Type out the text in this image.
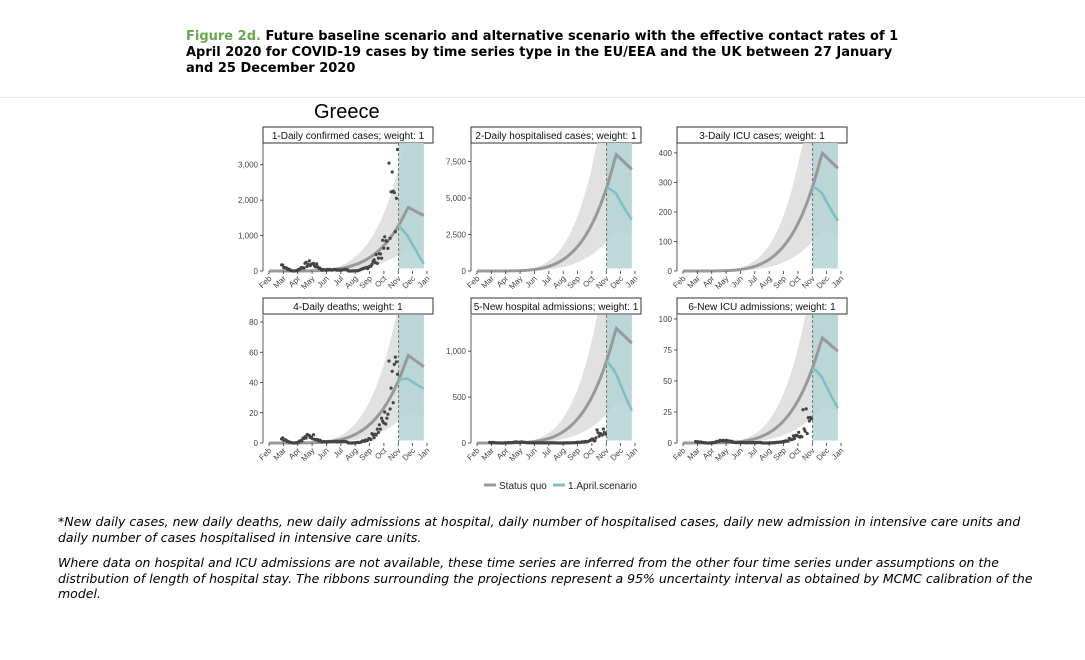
Figure 2d. Future baseline scenario and alternative scenario with the effective contact rates of 1 April 2020 for COVID-19 cases by time series type in the EU/EEA and the UK between 27 January and 25 December 2020
Greece
1-Daily confirmed cases; weight: 1
0
1,000
2,000
3,000
Feb
Mar Apr
May
Jun Jul
Aug
Sep Oct
Nov
Dec
Jan
2-Daily hospitalised cases; weight: 1
0
2,500
5,000
7,500
Feb
Mar Apr
May
Jun Jul
Aug
Sep Oct
Nov
Dec
Jan
3-Daily ICU cases; weight: 1
0
100
200
300
400
Feb
Mar Apr
May
Jun Jul
Aug
Sep Oct
Nov
Dec
Jan
4-Daily deaths; weight: 1
0
20
40
60
80
Feb
Mar Apr
May
Jun Jul
Aug
Sep Oct
Nov
Dec
Jan
5-New hospital admissions; weight: 1
0
500
1,000
Feb
Mar Apr
May
Jun Jul
Aug
Sep Oct
Nov
Dec
Jan
6-New ICU admissions; weight: 1
0
25
50
75
100
Feb
Mar Apr
May
Jun Jul
Aug
Sep Oct
Nov
Dec
Jan
Status quo 1.April.scenario

*New daily cases, new daily deaths, new daily admissions at hospital, daily number of hospitalised cases, daily new admission in intensive care units and daily number of cases hospitalised in intensive care units.

Where data on hospital and ICU admissions are not available, these time series are inferred from the other four time series under assumptions on the distribution of length of hospital stay. The ribbons surrounding the projections represent a 95% uncertainty interval as obtained by MCMC calibration of the model.
